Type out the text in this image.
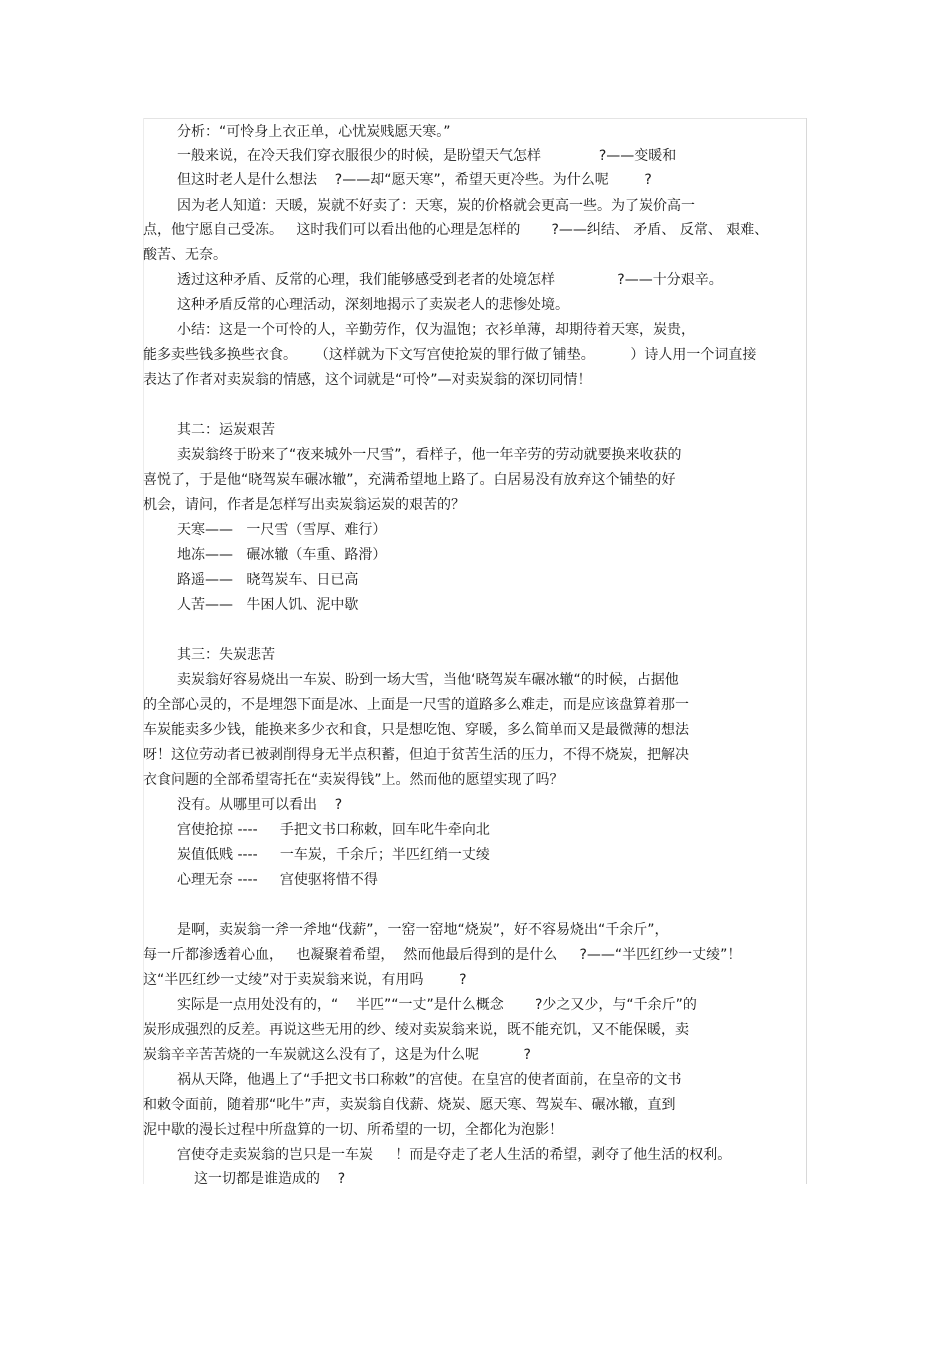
分析：“可怜身上衣正单，心忧炭贱愿天寒。”
一般来说，在冷天我们穿衣服很少的时候，是盼望天气怎样             ?——变暖和
但这时老人是什么想法    ?——却“愿天寒”，希望天更冷些。为什么呢        ?
因为老人知道：天暖，炭就不好卖了：天寒，炭的价格就会更高一些。为了炭价高一
点，他宁愿自己受冻。   这时我们可以看出他的心理是怎样的       ?——纠结、 矛盾、 反常、 艰难、
酸苦、无奈。
透过这种矛盾、反常的心理，我们能够感受到老者的处境怎样              ?——十分艰辛。
这种矛盾反常的心理活动，深刻地揭示了卖炭老人的悲惨处境。
小结：这是一个可怜的人，辛勤劳作，仅为温饱；衣衫单薄，却期待着天寒，炭贵，
能多卖些钱多换些衣食。    （这样就为下文写宫使抢炭的罪行做了铺垫。        ）诗人用一个词直接
表达了作者对卖炭翁的情感，这个词就是“可怜”—对卖炭翁的深切同情！
其二：运炭艰苦
卖炭翁终于盼来了“夜来城外一尺雪”，看样子，他一年辛劳的劳动就要换来收获的
喜悦了，于是他“晓驾炭车碾冰辙”，充满希望地上路了。白居易没有放弃这个铺垫的好
机会，请问，作者是怎样写出卖炭翁运炭的艰苦的？
天寒——   一尺雪（雪厚、难行）
地冻——   碾冰辙（车重、路滑）
路遥——   晓驾炭车、日已高
人苦——   牛困人饥、泥中歇
其三：失炭悲苦
卖炭翁好容易烧出一车炭、盼到一场大雪，当他‘晓驾炭车碾冰辙“的时候，占据他
的全部心灵的，不是埋怨下面是冰、上面是一尺雪的道路多么难走，而是应该盘算着那一
车炭能卖多少钱，能换来多少衣和食，只是想吃饱、穿暖，多么简单而又是最微薄的想法
呀！这位劳动者已被剥削得身无半点积蓄，但迫于贫苦生活的压力，不得不烧炭，把解决
衣食问题的全部希望寄托在“卖炭得钱”上。然而他的愿望实现了吗？
没有。从哪里可以看出    ?
宫使抢掠 ----     手把文书口称敕，回车叱牛牵向北
炭值低贱 ----     一车炭，千余斤；半匹红绡一丈绫
心理无奈 ----     宫使驱将惜不得
是啊，卖炭翁一斧一斧地“伐薪”，一窑一窑地“烧炭”，好不容易烧出“千余斤”，
每一斤都渗透着心血，   也凝聚着希望，  然而他最后得到的是什么     ?——“半匹红纱一丈绫”！
这“半匹红纱一丈绫”对于卖炭翁来说，有用吗        ?
实际是一点用处没有的，“    半匹”“一丈”是什么概念       ?少之又少，与“千余斤”的
炭形成强烈的反差。再说这些无用的纱、绫对卖炭翁来说，既不能充饥，又不能保暖，卖
炭翁辛辛苦苦烧的一车炭就这么没有了，这是为什么呢          ?
祸从天降，他遇上了“手把文书口称敕”的宫使。在皇宫的使者面前，在皇帝的文书
和敕令面前，随着那“叱牛”声，卖炭翁自伐薪、烧炭、愿天寒、驾炭车、碾冰辙，直到
泥中歇的漫长过程中所盘算的一切、所希望的一切，全都化为泡影！
宫使夺走卖炭翁的岂只是一车炭     ！而是夺走了老人生活的希望，剥夺了他生活的权利。
这一切都是谁造成的    ?
